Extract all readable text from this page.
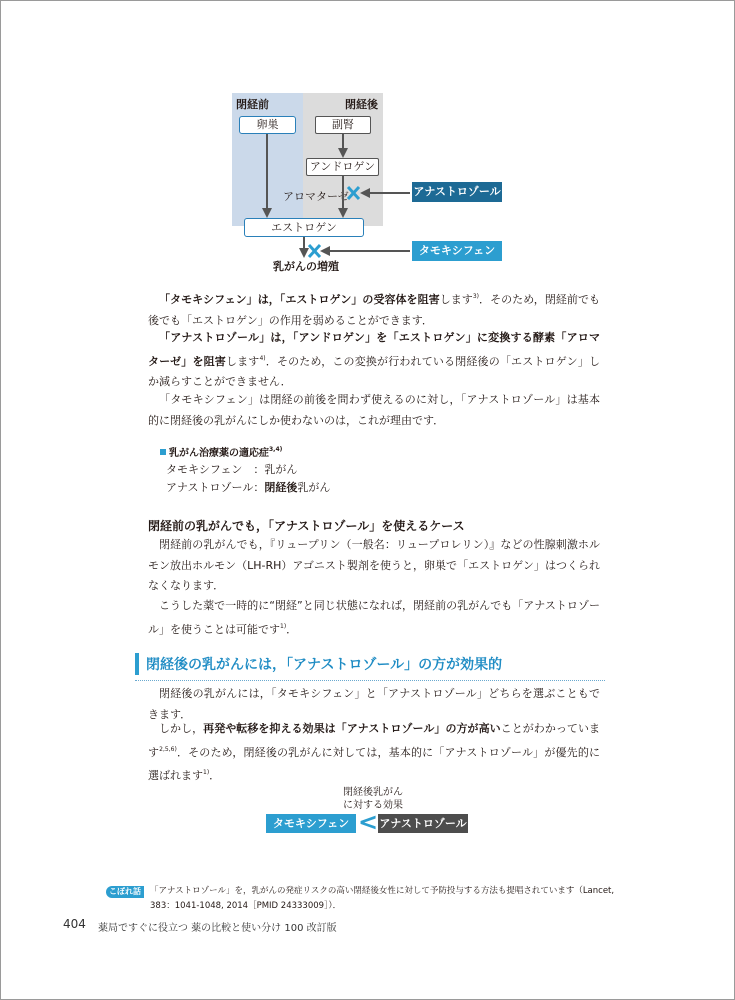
閉経前	閉経後
卵巣	副腎
アンドロゲン
アロマターゼ
エストロゲン
アナストロゾール
タモキシフェン
乳がんの増殖
「タモキシフェン」は，「エストロゲン」の受容体を阻害します$^{3)}$．そのため，閉経前でも後でも「エストロゲン」の作用を弱めることができます．
「アナストロゾール」は，「アンドロゲン」を「エストロゲン」に変換する酵素「アロマターゼ」を阻害します$^{4)}$．そのため，この変換が行われている閉経後の「エストロゲン」しか減らすことができません．
「タモキシフェン」は閉経の前後を問わず使えるのに対し，「アナストロゾール」は基本的に閉経後の乳がんにしか使わないのは，これが理由です．
乳がん治療薬の適応症$^{3,4)}$
タモキシフェン　：乳がん
アナストロゾール：閉経後乳がん
閉経前の乳がんでも，「アナストロゾール」を使えるケース
閉経前の乳がんでも，『リュープリン（一般名：リュープロレリン）』などの性腺刺激ホルモン放出ホルモン（LH-RH）アゴニスト製剤を使うと，卵巣で「エストロゲン」はつくられなくなります．
こうした薬で一時的に“閉経”と同じ状態になれば，閉経前の乳がんでも「アナストロゾール」を使うことは可能です$^{1)}$．
閉経後の乳がんには，「アナストロゾール」の方が効果的
閉経後の乳がんには，「タモキシフェン」と「アナストロゾール」どちらを選ぶこともできます．
しかし，再発や転移を抑える効果は「アナストロゾール」の方が高いことがわかっています$^{2,5,6)}$．そのため，閉経後の乳がんに対しては，基本的に「アナストロゾール」が優先的に選ばれます$^{1)}$．
閉経後乳がん
に対する効果
タモキシフェン < アナストロゾール
こぼれ話	「アナストロゾール」を，乳がんの発症リスクの高い閉経後女性に対して予防投与する方法も提唱されています（Lancet, 383：1041-1048, 2014［PMID 24333009］）．
404 薬局ですぐに役立つ 薬の比較と使い分け 100 改訂版
